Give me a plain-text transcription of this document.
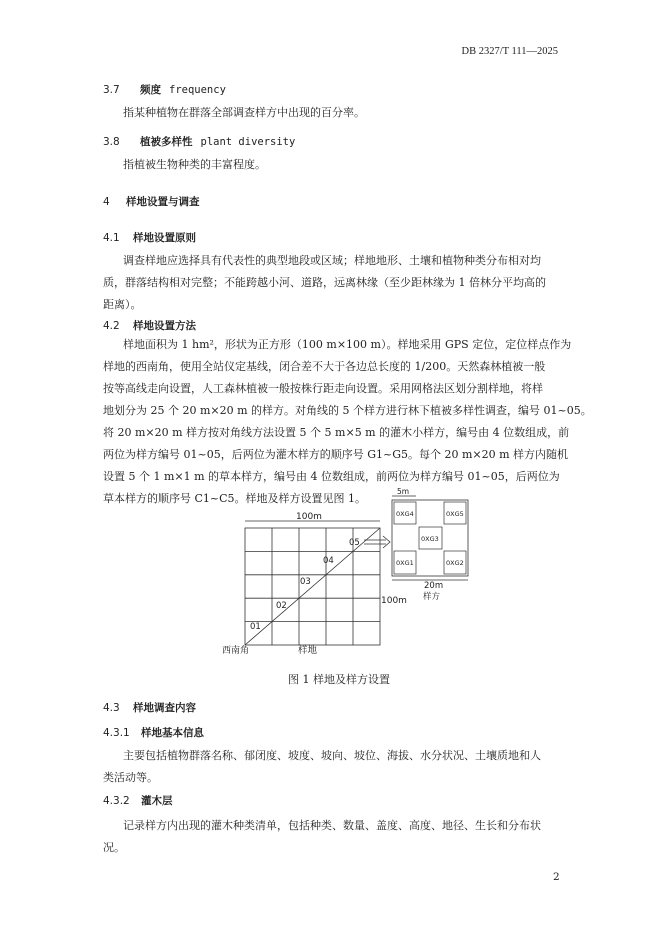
DB 2327/T 111—2025
3.7 频度 frequency
指某种植物在群落全部调查样方中出现的百分率。
3.8 植被多样性 plant diversity
指植被生物种类的丰富程度。
4 样地设置与调查
4.1 样地设置原则
调查样地应选择具有代表性的典型地段或区域；样地地形、土壤和植物种类分布相对均
质，群落结构相对完整；不能跨越小河、道路，远离林缘（至少距林缘为 1 倍林分平均高的
距离）。
4.2 样地设置方法
样地面积为 1 hm²，形状为正方形（100 m×100 m）。样地采用 GPS 定位，定位样点作为
样地的西南角，使用全站仪定基线，闭合差不大于各边总长度的 1/200。天然森林植被一般
按等高线走向设置，人工森林植被一般按株行距走向设置。采用网格法区划分割样地，将样
地划分为 25 个 20 m×20 m 的样方。对角线的 5 个样方进行林下植被多样性调查，编号 01~05。
将 20 m×20 m 样方按对角线方法设置 5 个 5 m×5 m 的灌木小样方，编号由 4 位数组成，前
两位为样方编号 01~05，后两位为灌木样方的顺序号 G1~G5。每个 20 m×20 m 样方内随机
设置 5 个 1 m×1 m 的草本样方，编号由 4 位数组成，前两位为样方编号 01~05，后两位为
草本样方的顺序号 C1~C5。样地及样方设置见图 1。
100m
100m
01
02
03
04
05
西南角	样地
5m
0XG4	0XG5
0XG3
0XG1	0XG2
20m
样方
图 1 样地及样方设置
4.3 样地调查内容
4.3.1 样地基本信息
主要包括植物群落名称、郁闭度、坡度、坡向、坡位、海拔、水分状况、土壤质地和人
类活动等。
4.3.2 灌木层
记录样方内出现的灌木种类清单，包括种类、数量、盖度、高度、地径、生长和分布状
况。
2
